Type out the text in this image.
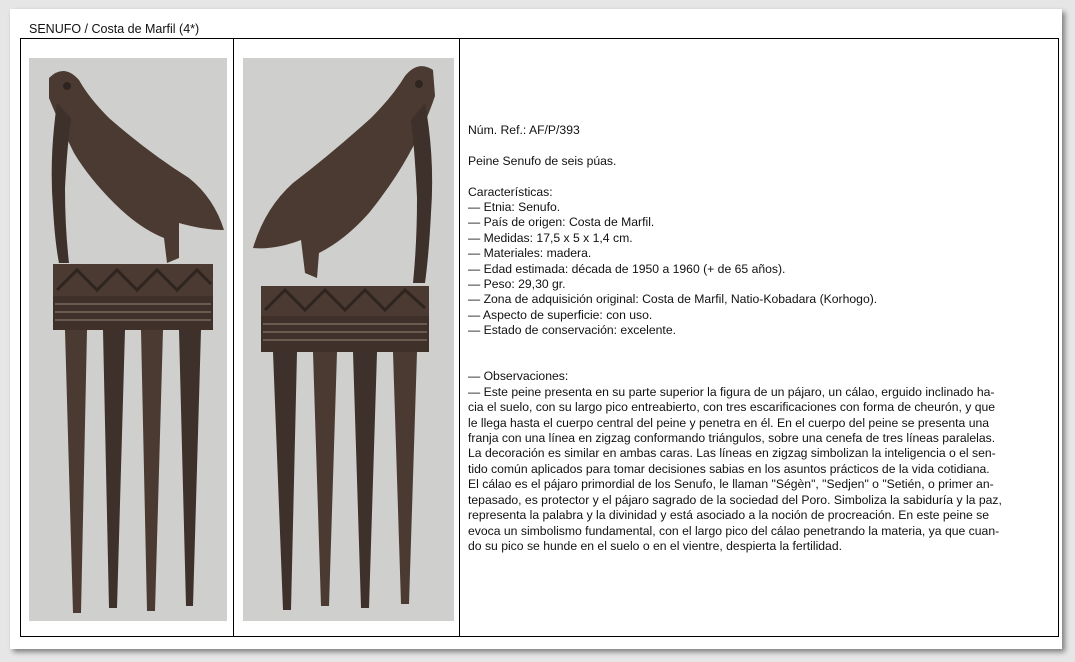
SENUFO / Costa de Marfil (4*)

Núm. Ref.: AF/P/393

Peine Senufo de seis púas.

Características:

— Etnia: Senufo.

— País de origen: Costa de Marfil.

— Medidas: 17,5 x 5 x 1,4 cm.

— Materiales: madera.

— Edad estimada: década de 1950 a 1960 (+ de 65 años).

— Peso: 29,30 gr.

— Zona de adquisición original: Costa de Marfil, Natio-Kobadara (Korhogo).

— Aspecto de superficie: con uso.

— Estado de conservación: excelente.

— Observaciones:

— Este peine presenta en su parte superior la figura de un pájaro, un cálao, erguido inclinado ha-

cia el suelo, con su largo pico entreabierto, con tres escarificaciones con forma de cheurón, y que

le llega hasta el cuerpo central del peine y penetra en él. En el cuerpo del peine se presenta una

franja con una línea en zigzag conformando triángulos, sobre una cenefa de tres líneas paralelas.

La decoración es similar en ambas caras. Las líneas en zigzag simbolizan la inteligencia o el sen-

tido común aplicados para tomar decisiones sabias en los asuntos prácticos de la vida cotidiana.

El cálao es el pájaro primordial de los Senufo, le llaman "Ségèn", "Sedjen" o "Setién, o primer an-

tepasado, es protector y el pájaro sagrado de la sociedad del Poro. Simboliza la sabiduría y la paz,

representa la palabra y la divinidad y está asociado a la noción de procreación. En este peine se

evoca un simbolismo fundamental, con el largo pico del cálao penetrando la materia, ya que cuan-

do su pico se hunde en el suelo o en el vientre, despierta la fertilidad.
